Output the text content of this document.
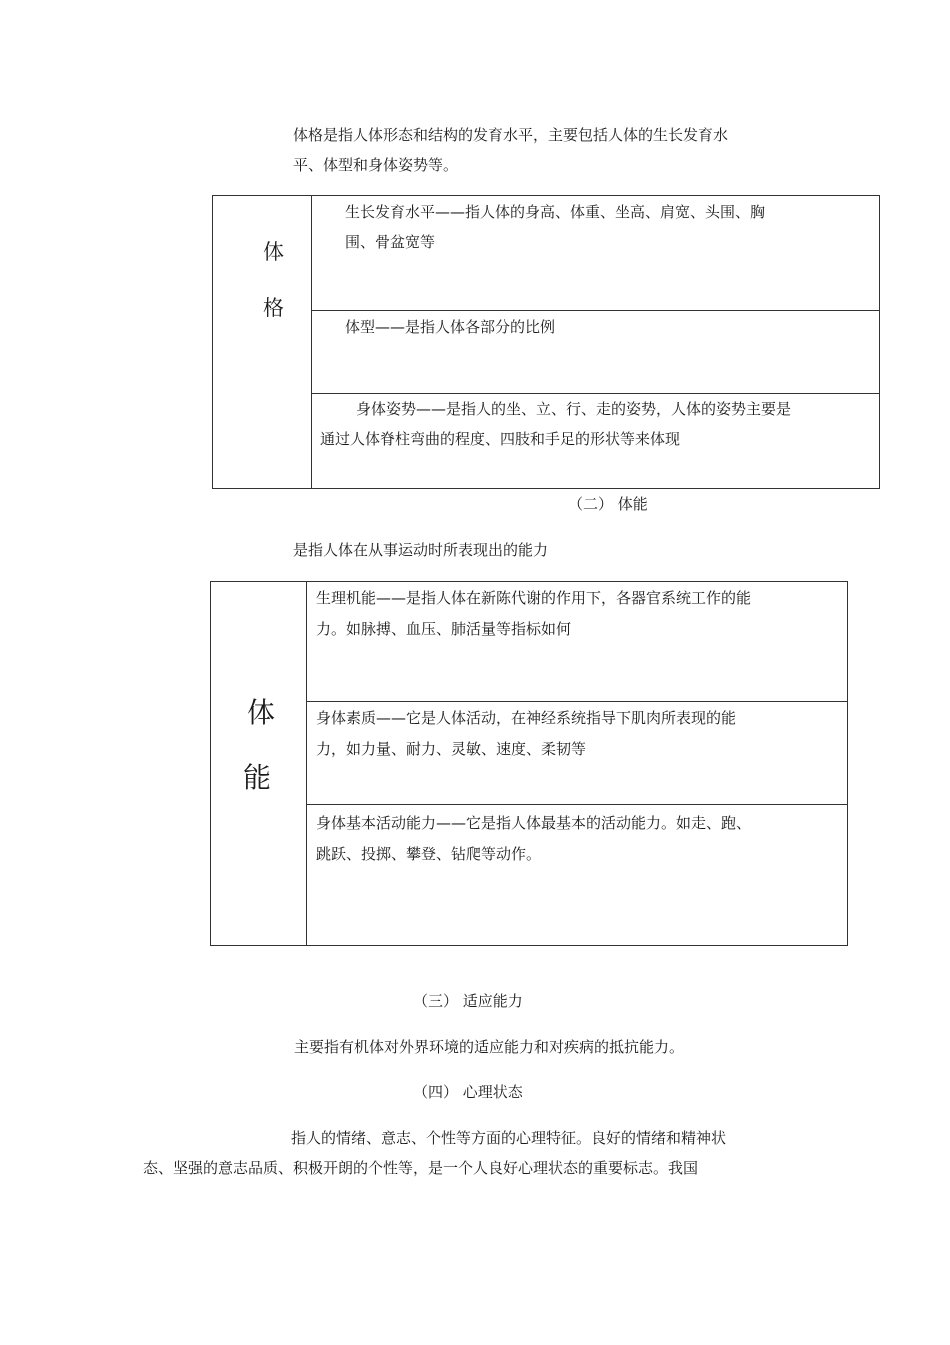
体格是指人体形态和结构的发育水平，主要包括人体的生长发育水
平、体型和身体姿势等。
体
格
生长发育水平——指人体的身高、体重、坐高、肩宽、头围、胸
围、骨盆宽等
体型——是指人体各部分的比例
身体姿势——是指人的坐、立、行、走的姿势，人体的姿势主要是
通过人体脊柱弯曲的程度、四肢和手足的形状等来体现
（二） 体能
是指人体在从事运动时所表现出的能力
体
能
生理机能——是指人体在新陈代谢的作用下，各器官系统工作的能
力。如脉搏、血压、肺活量等指标如何
身体素质——它是人体活动，在神经系统指导下肌肉所表现的能
力，如力量、耐力、灵敏、速度、柔韧等
身体基本活动能力——它是指人体最基本的活动能力。如走、跑、
跳跃、投掷、攀登、钻爬等动作。
（三） 适应能力
主要指有机体对外界环境的适应能力和对疾病的抵抗能力。
（四） 心理状态
指人的情绪、意志、个性等方面的心理特征。良好的情绪和精神状
态、坚强的意志品质、积极开朗的个性等，是一个人良好心理状态的重要标志。我国
